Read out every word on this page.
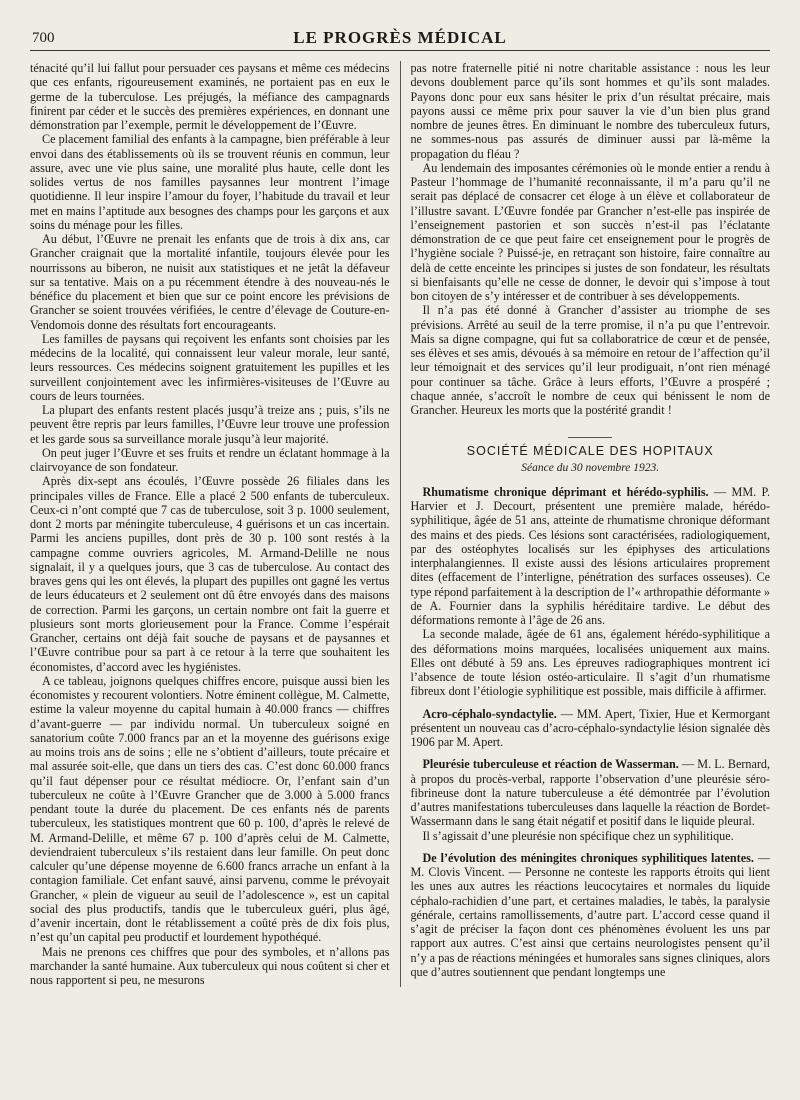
700	LE PROGRÈS MÉDICAL

ténacité qu’il lui fallut pour persuader ces paysans et même ces médecins que ces enfants, rigoureusement examinés, ne portaient pas en eux le germe de la tuberculose. Les préjugés, la méfiance des campagnards finirent par céder et le succès des premières expériences, en donnant une démonstration par l’exemple, permit le développement de l’Œuvre.

Ce placement familial des enfants à la campagne, bien préférable à leur envoi dans des établissements où ils se trouvent réunis en commun, leur assure, avec une vie plus saine, une moralité plus haute, celle dont les solides vertus de nos familles paysannes leur montrent l’image quotidienne. Il leur inspire l’amour du foyer, l’habitude du travail et leur met en mains l’aptitude aux besognes des champs pour les garçons et aux soins du ménage pour les filles.

Au début, l’Œuvre ne prenait les enfants que de trois à dix ans, car Grancher craignait que la mortalité infantile, toujours élevée pour les nourrissons au biberon, ne nuisit aux statistiques et ne jetât la défaveur sur sa tentative. Mais on a pu récemment étendre à des nouveau-nés le bénéfice du placement et bien que sur ce point encore les prévisions de Grancher se soient trouvées vérifiées, le centre d’élevage de Couture-en-Vendomois donne des résultats fort encourageants.

Les familles de paysans qui reçoivent les enfants sont choisies par les médecins de la localité, qui connaissent leur valeur morale, leur santé, leurs ressources. Ces médecins soignent gratuitement les pupilles et les surveillent conjointement avec les infirmières-visiteuses de l’Œuvre au cours de leurs tournées.

La plupart des enfants restent placés jusqu’à treize ans ; puis, s’ils ne peuvent être repris par leurs familles, l’Œuvre leur trouve une profession et les garde sous sa surveillance morale jusqu’à leur majorité.

On peut juger l’Œuvre et ses fruits et rendre un éclatant hommage à la clairvoyance de son fondateur.

Après dix-sept ans écoulés, l’Œuvre possède 26 filiales dans les principales villes de France. Elle a placé 2 500 enfants de tuberculeux. Ceux-ci n’ont compté que 7 cas de tuberculose, soit 3 p. 1000 seulement, dont 2 morts par méningite tuberculeuse, 4 guérisons et un cas incertain. Parmi les anciens pupilles, dont près de 30 p. 100 sont restés à la campagne comme ouvriers agricoles, M. Armand-Delille ne nous signalait, il y a quelques jours, que 3 cas de tuberculose. Au contact des braves gens qui les ont élevés, la plupart des pupilles ont gagné les vertus de leurs éducateurs et 2 seulement ont dû être envoyés dans des maisons de correction. Parmi les garçons, un certain nombre ont fait la guerre et plusieurs sont morts glorieusement pour la France. Comme l’espérait Grancher, certains ont déjà fait souche de paysans et de paysannes et l’Œuvre contribue pour sa part à ce retour à la terre que souhaitent les économistes, d’accord avec les hygiénistes.

A ce tableau, joignons quelques chiffres encore, puisque aussi bien les économistes y recourent volontiers. Notre éminent collègue, M. Calmette, estime la valeur moyenne du capital humain à 40.000 francs — chiffres d’avant-guerre — par individu normal. Un tuberculeux soigné en sanatorium coûte 7.000 francs par an et la moyenne des guérisons exige au moins trois ans de soins ; elle ne s’obtient d’ailleurs, toute précaire et mal assurée soit-elle, que dans un tiers des cas. C’est donc 60.000 francs qu’il faut dépenser pour ce résultat médiocre. Or, l’enfant sain d’un tuberculeux ne coûte à l’Œuvre Grancher que de 3.000 à 5.000 francs pendant toute la durée du placement. De ces enfants nés de parents tuberculeux, les statistiques montrent que 60 p. 100, d’après le relevé de M. Armand-Delille, et même 67 p. 100 d’après celui de M. Calmette, deviendraient tuberculeux s’ils restaient dans leur famille. On peut donc calculer qu’une dépense moyenne de 6.600 francs arrache un enfant à la contagion familiale. Cet enfant sauvé, ainsi parvenu, comme le prévoyait Grancher, « plein de vigueur au seuil de l’adolescence », est un capital social des plus productifs, tandis que le tuberculeux guéri, plus âgé, d’avenir incertain, dont le rétablissement a coûté près de dix fois plus, n’est qu’un capital peu productif et lourdement hypothéqué.

Mais ne prenons ces chiffres que pour des symboles, et n’allons pas marchander la santé humaine. Aux tuberculeux qui nous coûtent si cher et nous rapportent si peu, ne mesurons

pas notre fraternelle pitié ni notre charitable assistance : nous les leur devons doublement parce qu’ils sont hommes et qu’ils sont malades. Payons donc pour eux sans hésiter le prix d’un résultat précaire, mais payons aussi ce même prix pour sauver la vie d’un bien plus grand nombre de jeunes êtres. En diminuant le nombre des tuberculeux futurs, ne sommes-nous pas assurés de diminuer aussi par là-même la propagation du fléau ?

Au lendemain des imposantes cérémonies où le monde entier a rendu à Pasteur l’hommage de l’humanité reconnaissante, il m’a paru qu’il ne serait pas déplacé de consacrer cet éloge à un élève et collaborateur de l’illustre savant. L’Œuvre fondée par Grancher n’est-elle pas inspirée de l’enseignement pastorien et son succès n’est-il pas l’éclatante démonstration de ce que peut faire cet enseignement pour le progrès de l’hygiène sociale ? Puissé-je, en retraçant son histoire, faire connaître au delà de cette enceinte les principes si justes de son fondateur, les résultats si bienfaisants qu’elle ne cesse de donner, le devoir qui s’impose à tout bon citoyen de s’y intéresser et de contribuer à ses développements.

Il n’a pas été donné à Grancher d’assister au triomphe de ses prévisions. Arrêté au seuil de la terre promise, il n’a pu que l’entrevoir. Mais sa digne compagne, qui fut sa collaboratrice de cœur et de pensée, ses élèves et ses amis, dévoués à sa mémoire en retour de l’affection qu’il leur témoignait et des services qu’il leur prodiguait, n’ont rien ménagé pour continuer sa tâche. Grâce à leurs efforts, l’Œuvre a prospéré ; chaque année, s’accroît le nombre de ceux qui bénissent le nom de Grancher. Heureux les morts que la postérité grandit !

SOCIÉTÉ MÉDICALE DES HOPITAUX
Séance du 30 novembre 1923.

Rhumatisme chronique déprimant et hérédo-syphilis. — MM. P. Harvier et J. Decourt, présentent une première malade, hérédo-syphilitique, âgée de 51 ans, atteinte de rhumatisme chronique déformant des mains et des pieds. Ces lésions sont caractérisées, radiologiquement, par des ostéophytes localisés sur les épiphyses des articulations interphalangiennes. Il existe aussi des lésions articulaires proprement dites (effacement de l’interligne, pénétration des surfaces osseuses). Ce type répond parfaitement à la description de l’« arthropathie déformante » de A. Fournier dans la syphilis héréditaire tardive. Le début des déformations remonte à l’âge de 26 ans.

La seconde malade, âgée de 61 ans, également hérédo-syphilitique a des déformations moins marquées, localisées uniquement aux mains. Elles ont débuté à 59 ans. Les épreuves radiographiques montrent ici l’absence de toute lésion ostéo-articulaire. Il s’agit d’un rhumatisme fibreux dont l’étiologie syphilitique est possible, mais difficile à affirmer.

Acro-céphalo-syndactylie. — MM. Apert, Tixier, Hue et Kermorgant présentent un nouveau cas d’acro-céphalo-syndactylie lésion signalée dès 1906 par M. Apert.

Pleurésie tuberculeuse et réaction de Wasserman. — M. L. Bernard, à propos du procès-verbal, rapporte l’observation d’une pleurésie séro-fibrineuse dont la nature tuberculeuse a été démontrée par l’évolution d’autres manifestations tuberculeuses dans laquelle la réaction de Bordet-Wassermann dans le sang était négatif et positif dans le liquide pleural.

Il s’agissait d’une pleurésie non spécifique chez un syphilitique.

De l’évolution des méningites chroniques syphilitiques latentes. — M. Clovis Vincent. — Personne ne conteste les rapports étroits qui lient les unes aux autres les réactions leucocytaires et normales du liquide céphalo-rachidien d’une part, et certaines maladies, le tabès, la paralysie générale, certains ramollissements, d’autre part. L’accord cesse quand il s’agit de préciser la façon dont ces phénomènes évoluent les uns par rapport aux autres. C’est ainsi que certains neurologistes pensent qu’il n’y a pas de réactions méningées et humorales sans signes cliniques, alors que d’autres soutiennent que pendant longtemps une
